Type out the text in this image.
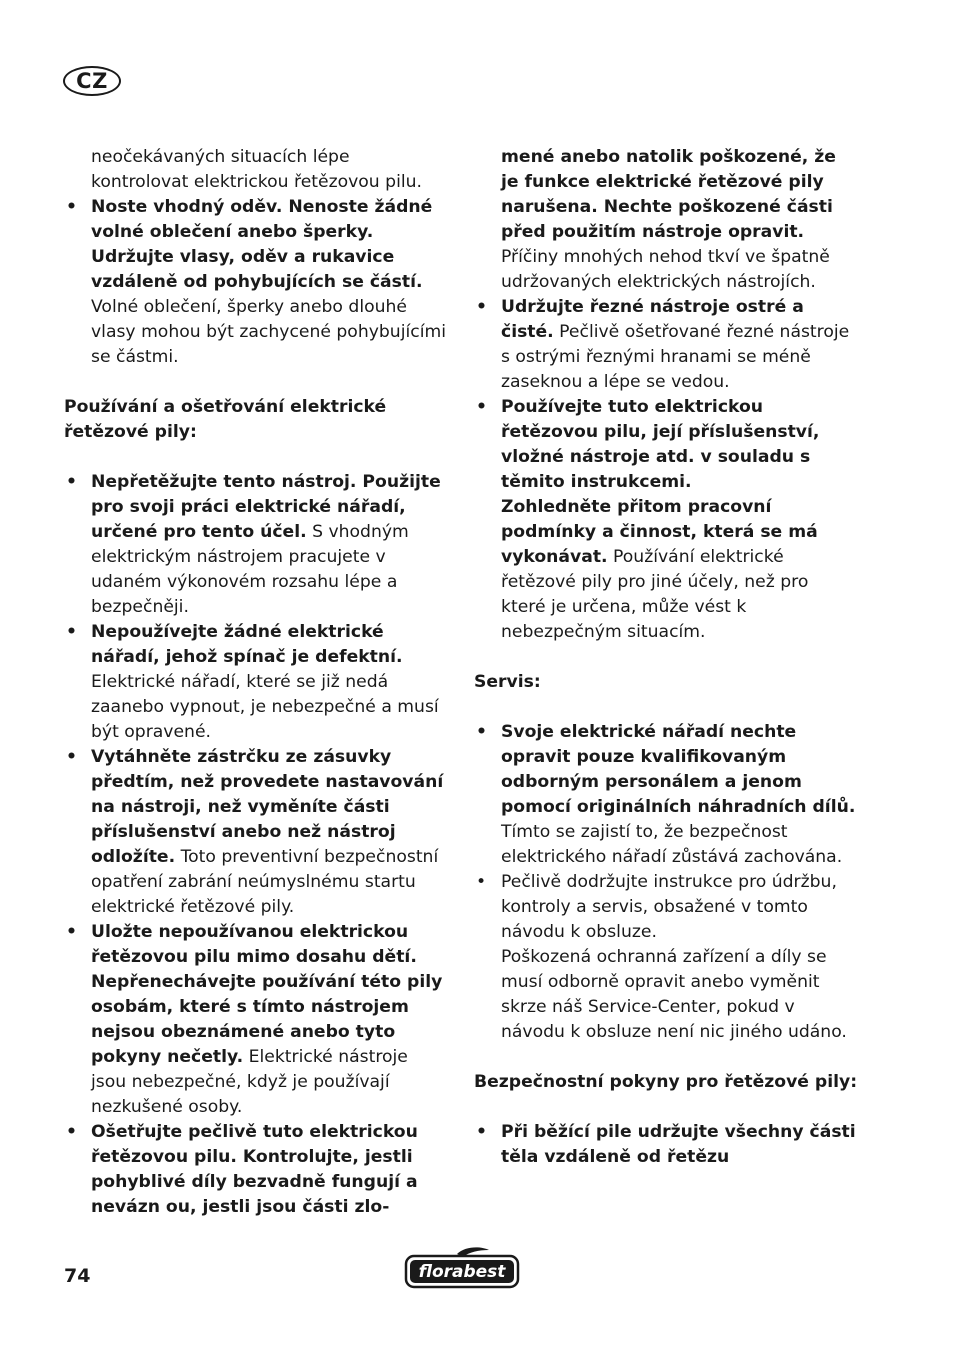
CZ

neočekávaných situacích lépe kontrolovat elektrickou řetězovou pilu.

• Noste vhodný oděv. Nenoste žádné volné oblečení anebo šperky. Udržujte vlasy, oděv a rukavice vzdáleně od pohybujících se částí. Volné oblečení, šperky anebo dlouhé vlasy mohou být zachycené pohybujícími se částmi.

Používání a ošetřování elektrické řetězové pily:

• Nepřetěžujte tento nástroj. Použijte pro svoji práci elektrické nářadí, určené pro tento účel. S vhodným elektrickým nástrojem pracujete v udaném výkonovém rozsahu lépe a bezpečněji.
• Nepoužívejte žádné elektrické nářadí, jehož spínač je defektní. Elektrické nářadí, které se již nedá zaanebo vypnout, je nebezpečné a musí být opravené.
• Vytáhněte zástrčku ze zásuvky předtím, než provedete nastavování na nástroji, než vyměníte části příslušenství anebo než nástroj odložíte. Toto preventivní bezpečnostní opatření zabrání neúmyslnému startu elektrické řetězové pily.
• Uložte nepoužívanou elektrickou řetězovou pilu mimo dosahu dětí. Nepřenechávejte používání této pily osobám, které s tímto nástrojem nejsou obeznámené anebo tyto pokyny nečetly. Elektrické nástroje jsou nebezpečné, když je používají nezkušené osoby.
• Ošetřujte pečlivě tuto elektrickou řetězovou pilu. Kontrolujte, jestli pohyblivé díly bezvadně fungují a nevázn ou, jestli jsou části zlo-

mené anebo natolik poškozené, že je funkce elektrické řetězové pily narušena. Nechte poškozené části před použitím nástroje opravit. Příčiny mnohých nehod tkví ve špatně udržovaných elektrických nástrojích.

• Udržujte řezné nástroje ostré a čisté. Pečlivě ošetřované řezné nástroje s ostrými řeznými hranami se méně zaseknou a lépe se vedou.
• Používejte tuto elektrickou řetězovou pilu, její příslušenství, vložné nástroje atd. v souladu s těmito instrukcemi.
Zohledněte přitom pracovní podmínky a činnost, která se má vykonávat. Používání elektrické řetězové pily pro jiné účely, než pro které je určena, může vést k nebezpečným situacím.

Servis:

• Svoje elektrické nářadí nechte opravit pouze kvalifikovaným odborným personálem a jenom pomocí originálních náhradních dílů. Tímto se zajistí to, že bezpečnost elektrického nářadí zůstává zachována.
• Pečlivě dodržujte instrukce pro údržbu, kontroly a servis, obsažené v tomto návodu k obsluze.
Poškozená ochranná zařízení a díly se musí odborně opravit anebo vyměnit skrze náš Service-Center, pokud v návodu k obsluze není nic jiného udáno.

Bezpečnostní pokyny pro řetězové pily:

• Při běžící pile udržujte všechny části těla vzdáleně od řetězu
74	florabest
